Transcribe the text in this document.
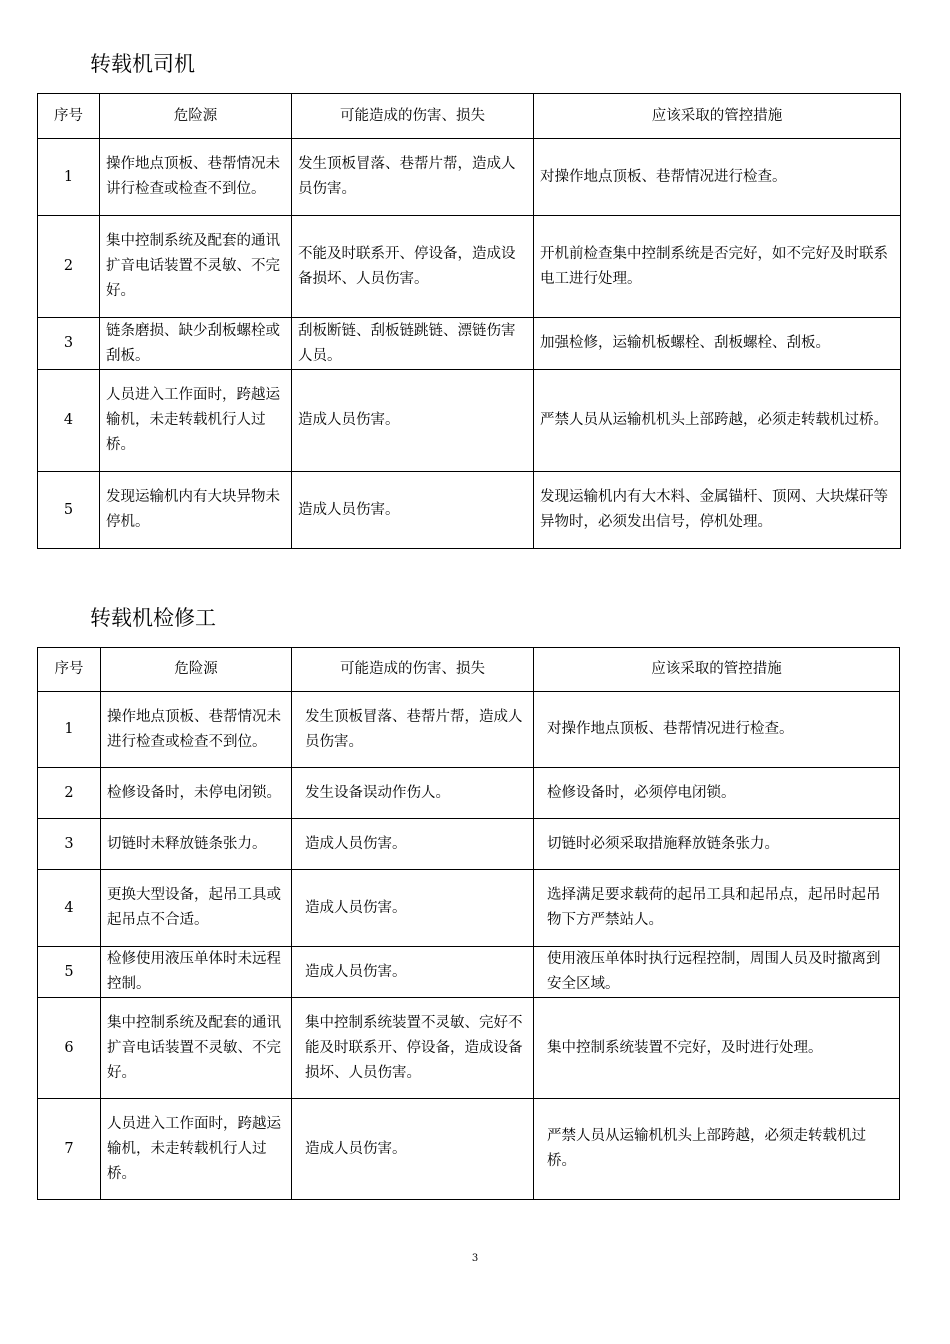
转载机司机
序号	危险源	可能造成的伤害、损失	应该采取的管控措施
1	操作地点顶板、巷帮情况未讲行检查或检查不到位。	发生顶板冒落、巷帮片帮，造成人员伤害。	对操作地点顶板、巷帮情况进行检查。
2	集中控制系统及配套的通讯扩音电话装置不灵敏、不完好。	不能及时联系开、停设备，造成设备损坏、人员伤害。	开机前检查集中控制系统是否完好，如不完好及时联系电工进行处理。
3	链条磨损、缺少刮板螺栓或刮板。	刮板断链、刮板链跳链、漂链伤害人员。	加强检修，运输机板螺栓、刮板螺栓、刮板。
4	人员进入工作面时，跨越运输机，未走转载机行人过桥。	造成人员伤害。	严禁人员从运输机机头上部跨越，必须走转载机过桥。
5	发现运输机内有大块异物未停机。	造成人员伤害。	发现运输机内有大木料、金属锚杆、顶网、大块煤矸等异物时，必须发出信号，停机处理。
转载机检修工
序号	危险源	可能造成的伤害、损失	应该采取的管控措施
1	操作地点顶板、巷帮情况未进行检查或检查不到位。	发生顶板冒落、巷帮片帮，造成人员伤害。	对操作地点顶板、巷帮情况进行检查。
2	检修设备时，未停电闭锁。	发生设备误动作伤人。	检修设备时，必须停电闭锁。
3	切链时未释放链条张力。	造成人员伤害。	切链时必须采取措施释放链条张力。
4	更换大型设备，起吊工具或起吊点不合适。	造成人员伤害。	选择满足要求载荷的起吊工具和起吊点，起吊时起吊物下方严禁站人。
5	检修使用液压单体时未远程控制。	造成人员伤害。	使用液压单体时执行远程控制，周围人员及时撤离到安全区域。
6	集中控制系统及配套的通讯扩音电话装置不灵敏、不完好。	集中控制系统装置不灵敏、完好不能及时联系开、停设备，造成设备损坏、人员伤害。	集中控制系统装置不完好，及时进行处理。
7	人员进入工作面时，跨越运输机，未走转载机行人过桥。	造成人员伤害。	严禁人员从运输机机头上部跨越，必须走转载机过桥。
3
